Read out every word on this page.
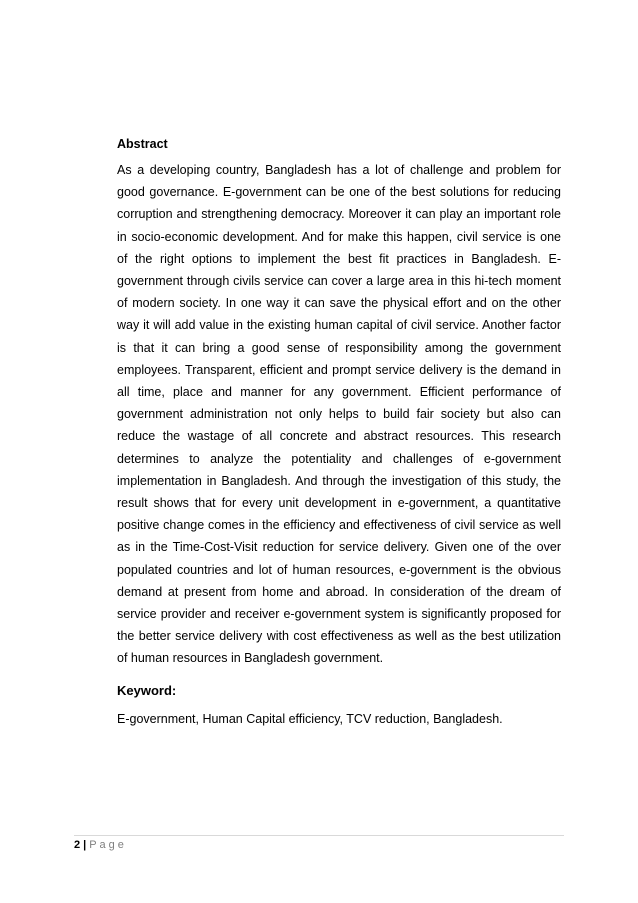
Abstract

As a developing country, Bangladesh has a lot of challenge and problem for good governance. E-government can be one of the best solutions for reducing corruption and strengthening democracy. Moreover it can play an important role in socio-economic development. And for make this happen, civil service is one of the right options to implement the best fit practices in Bangladesh. E-government through civils service can cover a large area in this hi-tech moment of modern society. In one way it can save the physical effort and on the other way it will add value in the existing human capital of civil service. Another factor is that it can bring a good sense of responsibility among the government employees. Transparent, efficient and prompt service delivery is the demand in all time, place and manner for any government. Efficient performance of government administration not only helps to build fair society but also can reduce the wastage of all concrete and abstract resources. This research determines to analyze the potentiality and challenges of e-government implementation in Bangladesh. And through the investigation of this study, the result shows that for every unit development in e-government, a quantitative positive change comes in the efficiency and effectiveness of civil service as well as in the Time-Cost-Visit reduction for service delivery. Given one of the over populated countries and lot of human resources, e-government is the obvious demand at present from home and abroad. In consideration of the dream of service provider and receiver e-government system is significantly proposed for the better service delivery with cost effectiveness as well as the best utilization of human resources in Bangladesh government.

Keyword:
E-government, Human Capital efficiency, TCV reduction, Bangladesh.
2 | Page
